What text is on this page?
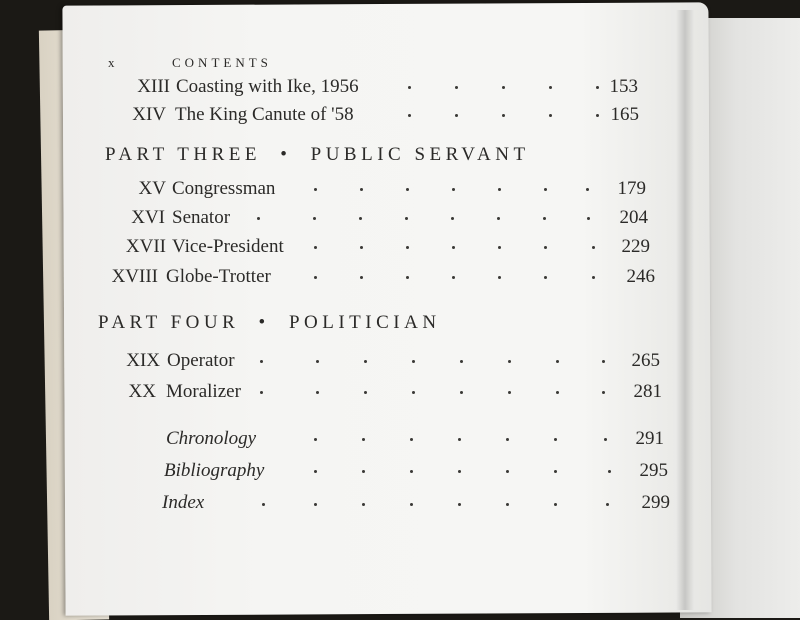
x	CONTENTS
XIII Coasting with Ike, 1956	153
XIV The King Canute of '58	165
PART THREE • PUBLIC SERVANT
XV Congressman	179
XVI Senator	204
XVII Vice-President	229
XVIII Globe-Trotter	246
PART FOUR • POLITICIAN
XIX Operator	265
XX Moralizer	281
Chronology	291
Bibliography	295
Index	299
